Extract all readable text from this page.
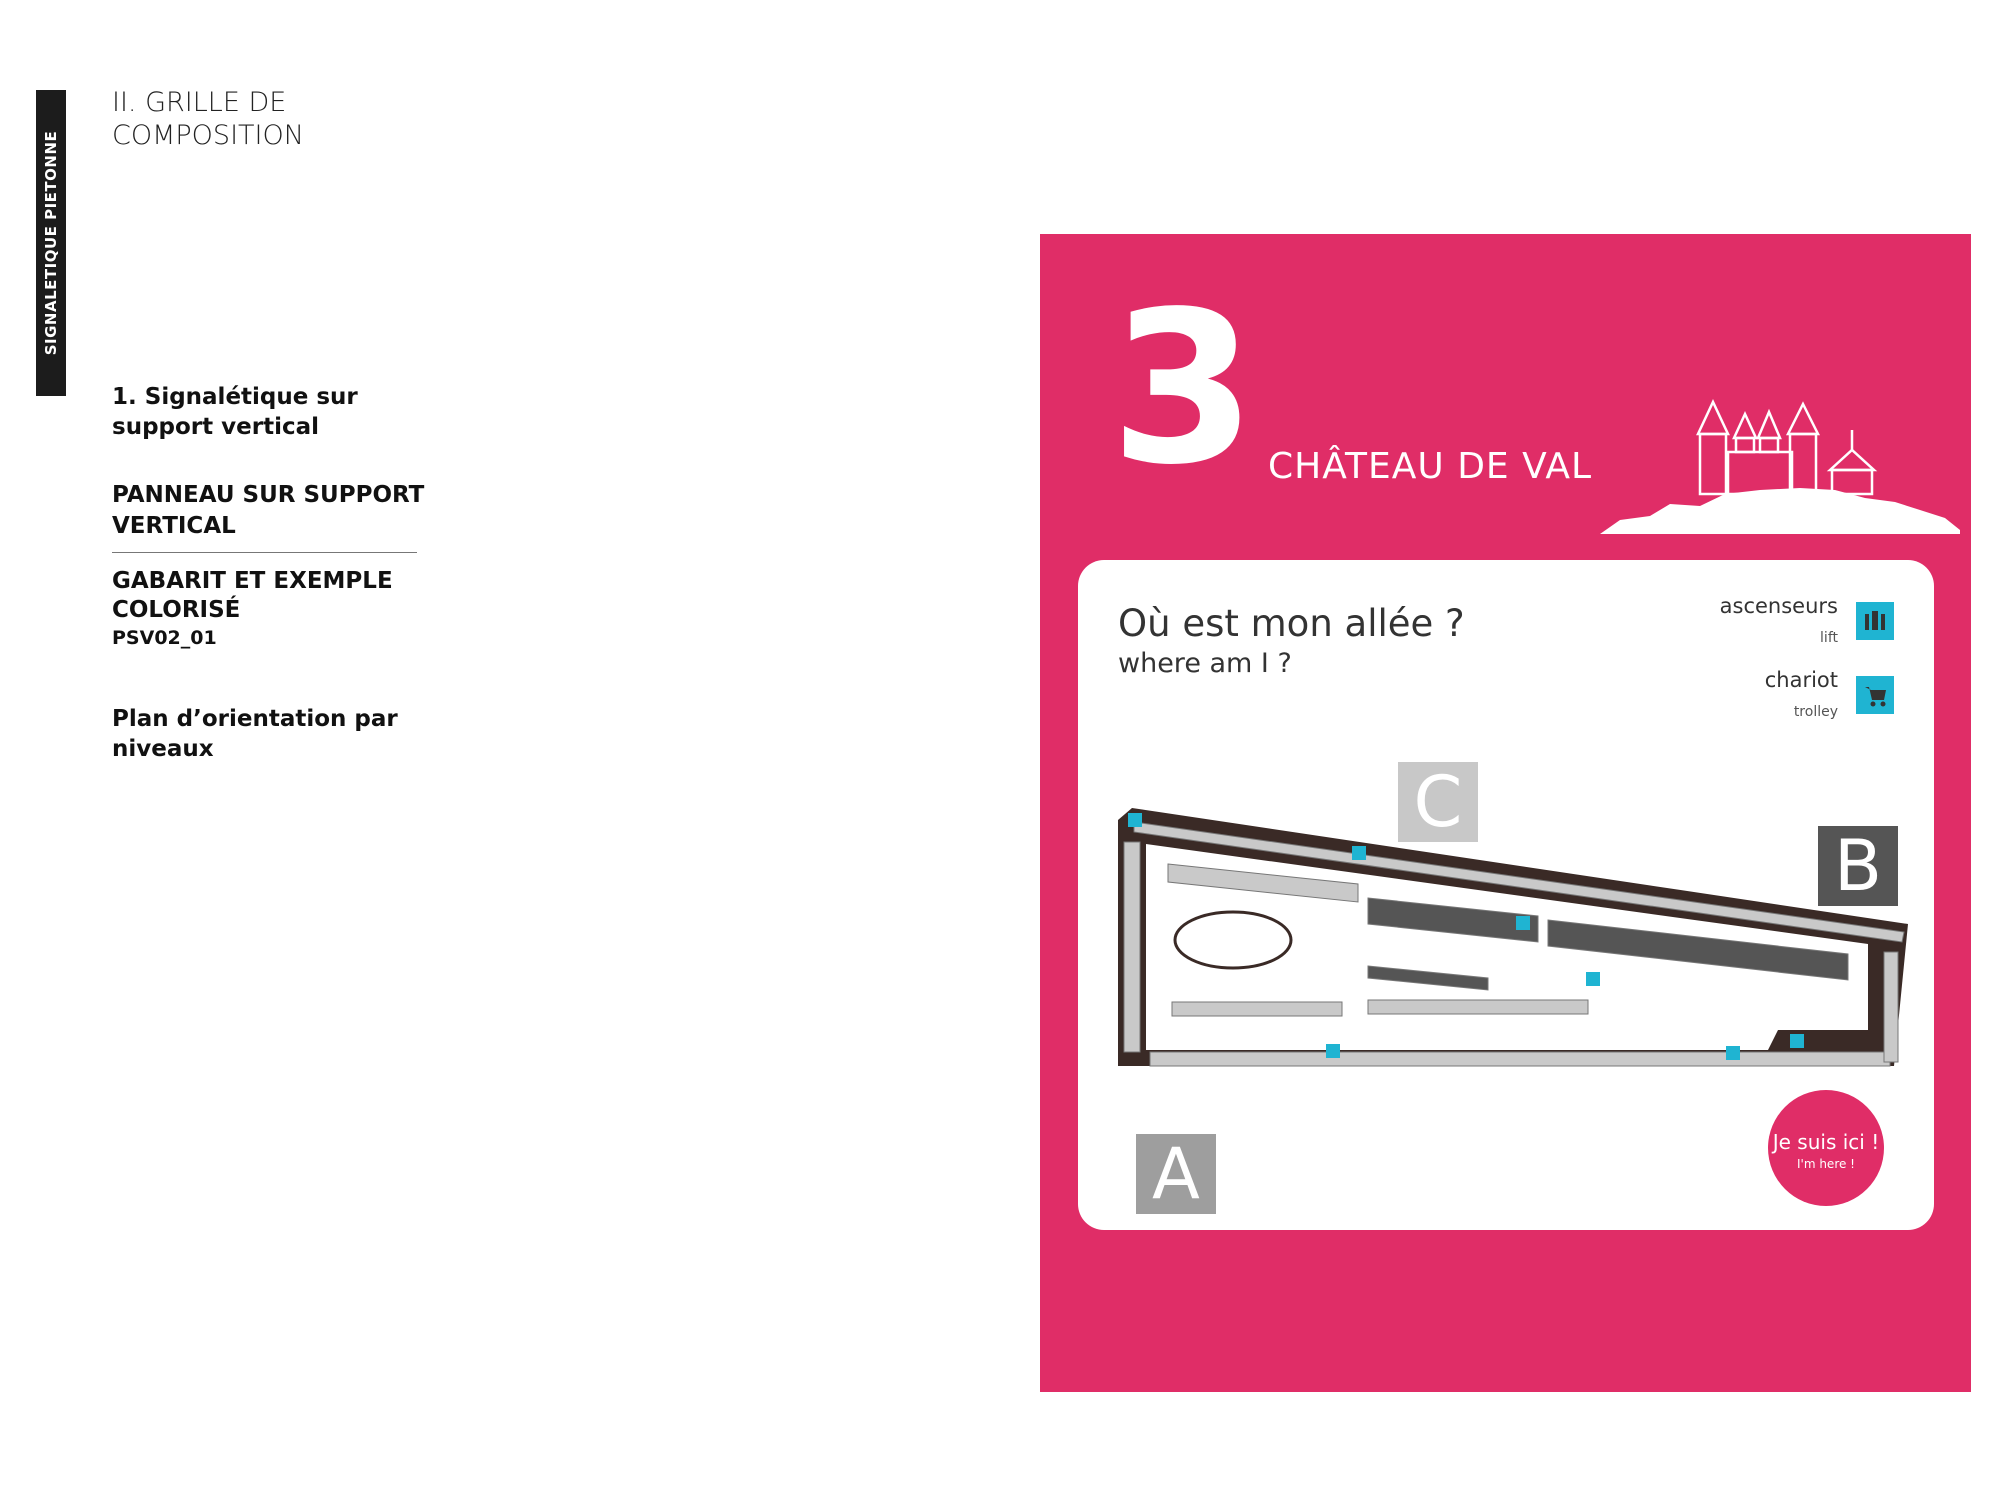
SIGNALETIQUE PIETONNE
II. GRILLE DE
COMPOSITION
1. Signalétique sur
support vertical
PANNEAU SUR SUPPORT
VERTICAL
GABARIT ET EXEMPLE
COLORISÉ
PSV02_01
Plan d’orientation par
niveaux
3 CHÂTEAU DE VAL
Où est mon allée ?
where am I ?
ascenseurs
lift
chariot
trolley
C
B
A	Je suis ici !
I'm here !
